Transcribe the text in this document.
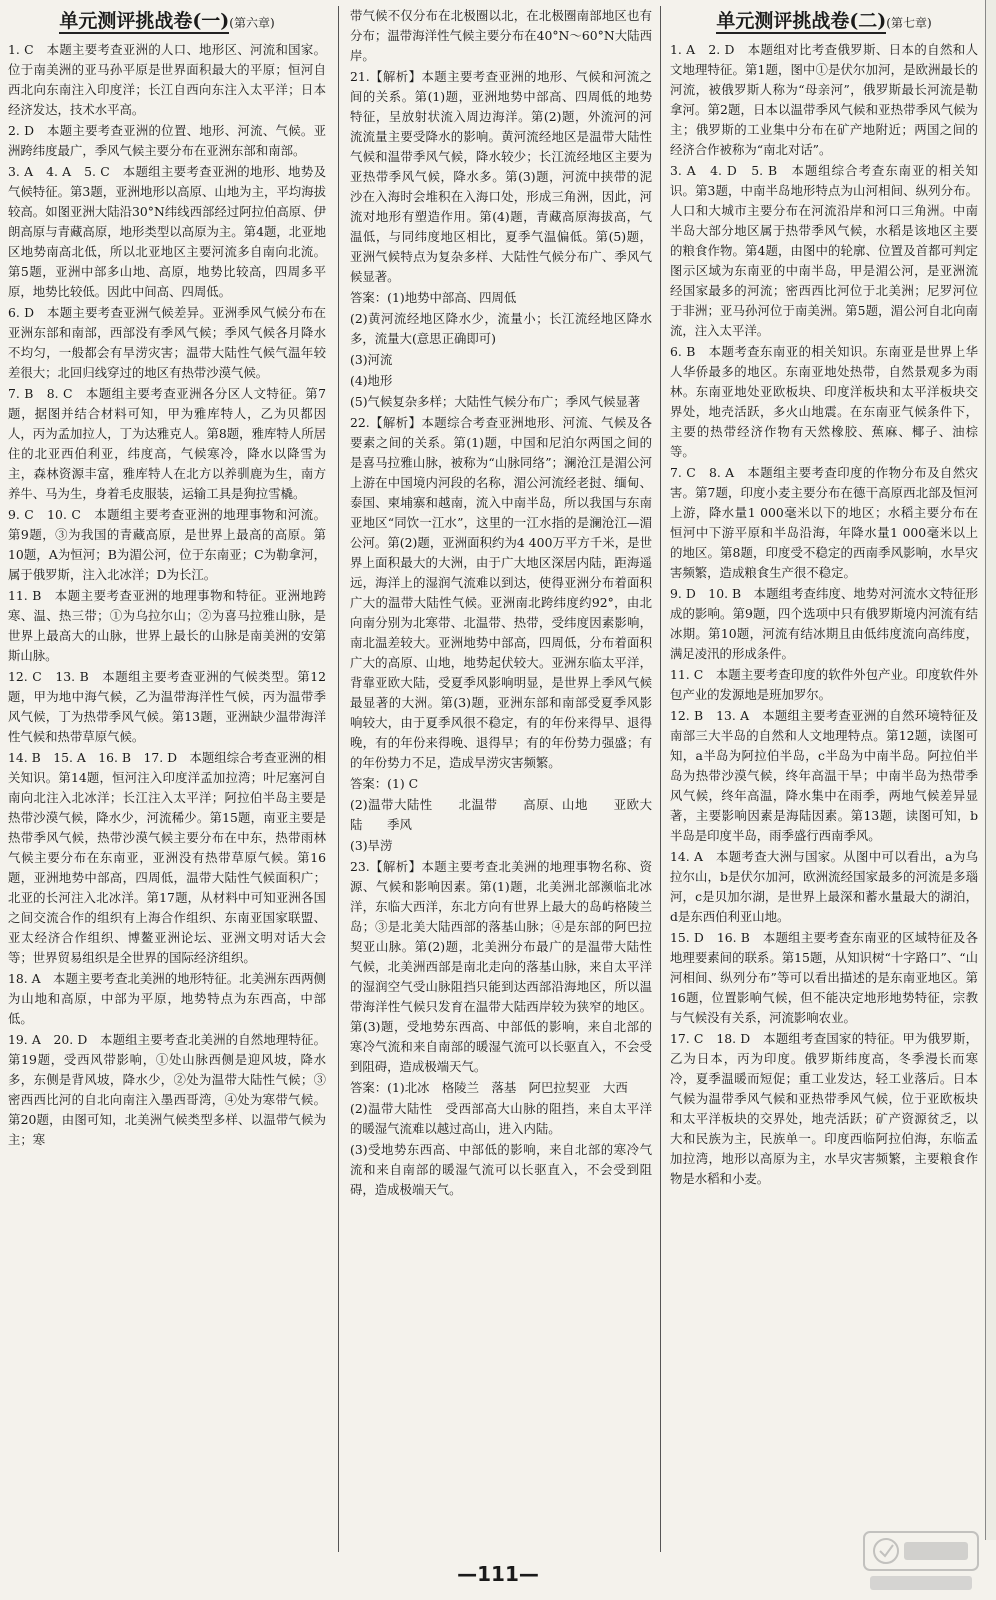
单元测评挑战卷(一)(第六章)

1. C　本题主要考查亚洲的人口、地形区、河流和国家。位于南美洲的亚马孙平原是世界面积最大的平原；恒河自西北向东南注入印度洋；长江自西向东注入太平洋；日本经济发达，技术水平高。

2. D　本题主要考查亚洲的位置、地形、河流、气候。亚洲跨纬度最广，季风气候主要分布在亚洲东部和南部。

3. A　4. A　5. C　本题组主要考查亚洲的地形、地势及气候特征。第3题，亚洲地形以高原、山地为主，平均海拔较高。如图亚洲大陆沿30°N纬线西部经过阿拉伯高原、伊朗高原与青藏高原，地形类型以高原为主。第4题，北亚地区地势南高北低，所以北亚地区主要河流多自南向北流。第5题，亚洲中部多山地、高原，地势比较高，四周多平原，地势比较低。因此中间高、四周低。

6. D　本题主要考查亚洲气候差异。亚洲季风气候分布在亚洲东部和南部，西部没有季风气候；季风气候各月降水不均匀，一般都会有旱涝灾害；温带大陆性气候气温年较差很大；北回归线穿过的地区有热带沙漠气候。

7. B　8. C　本题组主要考查亚洲各分区人文特征。第7题，据图并结合材料可知，甲为雅库特人，乙为贝都因人，丙为孟加拉人，丁为达雅克人。第8题，雅库特人所居住的北亚西伯利亚，纬度高，气候寒冷，降水以降雪为主，森林资源丰富，雅库特人在北方以养驯鹿为生，南方养牛、马为生，身着毛皮服装，运输工具是狗拉雪橇。

9. C　10. C　本题组主要考查亚洲的地理事物和河流。第9题，③为我国的青藏高原，是世界上最高的高原。第10题，A为恒河；B为湄公河，位于东南亚；C为勒拿河，属于俄罗斯，注入北冰洋；D为长江。

11. B　本题主要考查亚洲的地理事物和特征。亚洲地跨寒、温、热三带；①为乌拉尔山；②为喜马拉雅山脉，是世界上最高大的山脉，世界上最长的山脉是南美洲的安第斯山脉。

12. C　13. B　本题组主要考查亚洲的气候类型。第12题，甲为地中海气候，乙为温带海洋性气候，丙为温带季风气候，丁为热带季风气候。第13题，亚洲缺少温带海洋性气候和热带草原气候。

14. B　15. A　16. B　17. D　本题组综合考查亚洲的相关知识。第14题，恒河注入印度洋孟加拉湾；叶尼塞河自南向北注入北冰洋；长江注入太平洋；阿拉伯半岛主要是热带沙漠气候，降水少，河流稀少。第15题，南亚主要是热带季风气候，热带沙漠气候主要分布在中东，热带雨林气候主要分布在东南亚，亚洲没有热带草原气候。第16题，亚洲地势中部高，四周低，温带大陆性气候面积广；北亚的长河注入北冰洋。第17题，从材料中可知亚洲各国之间交流合作的组织有上海合作组织、东南亚国家联盟、亚太经济合作组织、博鳌亚洲论坛、亚洲文明对话大会等；世界贸易组织是全世界的国际经济组织。

18. A　本题主要考查北美洲的地形特征。北美洲东西两侧为山地和高原，中部为平原，地势特点为东西高，中部低。

19. A　20. D　本题组主要考查北美洲的自然地理特征。第19题，受西风带影响，①处山脉西侧是迎风坡，降水多，东侧是背风坡，降水少，②处为温带大陆性气候；③密西西比河的自北向南注入墨西哥湾，④处为寒带气候。第20题，由图可知，北美洲气候类型多样、以温带气候为主；寒

带气候不仅分布在北极圈以北，在北极圈南部地区也有分布；温带海洋性气候主要分布在40°N～60°N大陆西岸。

21.【解析】本题主要考查亚洲的地形、气候和河流之间的关系。第(1)题，亚洲地势中部高、四周低的地势特征，呈放射状流入周边海洋。第(2)题，外流河的河流流量主要受降水的影响。黄河流经地区是温带大陆性气候和温带季风气候，降水较少；长江流经地区主要为亚热带季风气候，降水多。第(3)题，河流中挟带的泥沙在入海时会堆积在入海口处，形成三角洲，因此，河流对地形有塑造作用。第(4)题，青藏高原海拔高，气温低，与同纬度地区相比，夏季气温偏低。第(5)题，亚洲气候特点为复杂多样、大陆性气候分布广、季风气候显著。

答案：(1)地势中部高、四周低

(2)黄河流经地区降水少，流量小；长江流经地区降水多，流量大(意思正确即可)

(3)河流

(4)地形

(5)气候复杂多样；大陆性气候分布广；季风气候显著

22.【解析】本题综合考查亚洲地形、河流、气候及各要素之间的关系。第(1)题，中国和尼泊尔两国之间的是喜马拉雅山脉，被称为“山脉同络”；澜沧江是湄公河上游在中国境内河段的名称，湄公河流经老挝、缅甸、泰国、柬埔寨和越南，流入中南半岛，所以我国与东南亚地区“同饮一江水”，这里的一江水指的是澜沧江—湄公河。第(2)题，亚洲面积约为4 400万平方千米，是世界上面积最大的大洲，由于广大地区深居内陆，距海遥远，海洋上的湿润气流难以到达，使得亚洲分布着面积广大的温带大陆性气候。亚洲南北跨纬度约92°，由北向南分别为北寒带、北温带、热带，受纬度因素影响，南北温差较大。亚洲地势中部高，四周低，分布着面积广大的高原、山地，地势起伏较大。亚洲东临太平洋，背靠亚欧大陆，受夏季风影响明显，是世界上季风气候最显著的大洲。第(3)题，亚洲东部和南部受夏季风影响较大，由于夏季风很不稳定，有的年份来得早、退得晚，有的年份来得晚、退得早；有的年份势力强盛；有的年份势力不足，造成旱涝灾害频繁。

答案：(1) C

(2)温带大陆性　　北温带　　高原、山地　　亚欧大陆　　季风

(3)旱涝

23.【解析】本题主要考查北美洲的地理事物名称、资源、气候和影响因素。第(1)题，北美洲北部濒临北冰洋，东临大西洋，东北方向有世界上最大的岛屿格陵兰岛；③是北美大陆西部的落基山脉；④是东部的阿巴拉契亚山脉。第(2)题，北美洲分布最广的是温带大陆性气候，北美洲西部是南北走向的落基山脉，来自太平洋的湿润空气受山脉阻挡只能到达西部沿海地区，所以温带海洋性气候只发育在温带大陆西岸较为狭窄的地区。第(3)题，受地势东西高、中部低的影响，来自北部的寒冷气流和来自南部的暖湿气流可以长驱直入，不会受到阻碍，造成极端天气。

答案：(1)北冰　格陵兰　落基　阿巴拉契亚　大西

(2)温带大陆性　受西部高大山脉的阻挡，来自太平洋的暖湿气流难以越过高山，进入内陆。

(3)受地势东西高、中部低的影响，来自北部的寒冷气流和来自南部的暖湿气流可以长驱直入，不会受到阻碍，造成极端天气。

单元测评挑战卷(二)(第七章)

1. A　2. D　本题组对比考查俄罗斯、日本的自然和人文地理特征。第1题，图中①是伏尔加河，是欧洲最长的河流，被俄罗斯人称为“母亲河”，俄罗斯最长河流是勒拿河。第2题，日本以温带季风气候和亚热带季风气候为主；俄罗斯的工业集中分布在矿产地附近；两国之间的经济合作被称为“南北对话”。

3. A　4. D　5. B　本题组综合考查东南亚的相关知识。第3题，中南半岛地形特点为山河相间、纵列分布。人口和大城市主要分布在河流沿岸和河口三角洲。中南半岛大部分地区属于热带季风气候，水稻是该地区主要的粮食作物。第4题，由图中的轮廓、位置及首都可判定图示区域为东南亚的中南半岛，甲是湄公河，是亚洲流经国家最多的河流；密西西比河位于北美洲；尼罗河位于非洲；亚马孙河位于南美洲。第5题，湄公河自北向南流，注入太平洋。

6. B　本题考查东南亚的相关知识。东南亚是世界上华人华侨最多的地区。东南亚地处热带，自然景观多为雨林。东南亚地处亚欧板块、印度洋板块和太平洋板块交界处，地壳活跃，多火山地震。在东南亚气候条件下，主要的热带经济作物有天然橡胶、蕉麻、椰子、油棕等。

7. C　8. A　本题组主要考查印度的作物分布及自然灾害。第7题，印度小麦主要分布在德干高原西北部及恒河上游，降水量1 000毫米以下的地区；水稻主要分布在恒河中下游平原和半岛沿海，年降水量1 000毫米以上的地区。第8题，印度受不稳定的西南季风影响，水旱灾害频繁，造成粮食生产很不稳定。

9. D　10. B　本题组考查纬度、地势对河流水文特征形成的影响。第9题，四个选项中只有俄罗斯境内河流有结冰期。第10题，河流有结冰期且由低纬度流向高纬度，满足凌汛的形成条件。

11. C　本题主要考查印度的软件外包产业。印度软件外包产业的发源地是班加罗尔。

12. B　13. A　本题组主要考查亚洲的自然环境特征及南部三大半岛的自然和人文地理特点。第12题，读图可知，a半岛为阿拉伯半岛，c半岛为中南半岛。阿拉伯半岛为热带沙漠气候，终年高温干旱；中南半岛为热带季风气候，终年高温，降水集中在雨季，两地气候差异显著，主要影响因素是海陆因素。第13题，读图可知，b半岛是印度半岛，雨季盛行西南季风。

14. A　本题考查大洲与国家。从图中可以看出，a为乌拉尔山，b是伏尔加河，欧洲流经国家最多的河流是多瑙河，c是贝加尔湖，是世界上最深和蓄水量最大的湖泊，d是东西伯利亚山地。

15. D　16. B　本题组主要考查东南亚的区域特征及各地理要素间的联系。第15题，从知识树“十字路口”、“山河相间、纵列分布”等可以看出描述的是东南亚地区。第16题，位置影响气候，但不能决定地形地势特征，宗教与气候没有关系，河流影响农业。

17. C　18. D　本题组考查国家的特征。甲为俄罗斯，乙为日本，丙为印度。俄罗斯纬度高，冬季漫长而寒冷，夏季温暖而短促；重工业发达，轻工业落后。日本气候为温带季风气候和亚热带季风气候，位于亚欧板块和太平洋板块的交界处，地壳活跃；矿产资源贫乏，以大和民族为主，民族单一。印度西临阿拉伯海，东临孟加拉湾，地形以高原为主，水旱灾害频繁，主要粮食作物是水稻和小麦。

—111—
